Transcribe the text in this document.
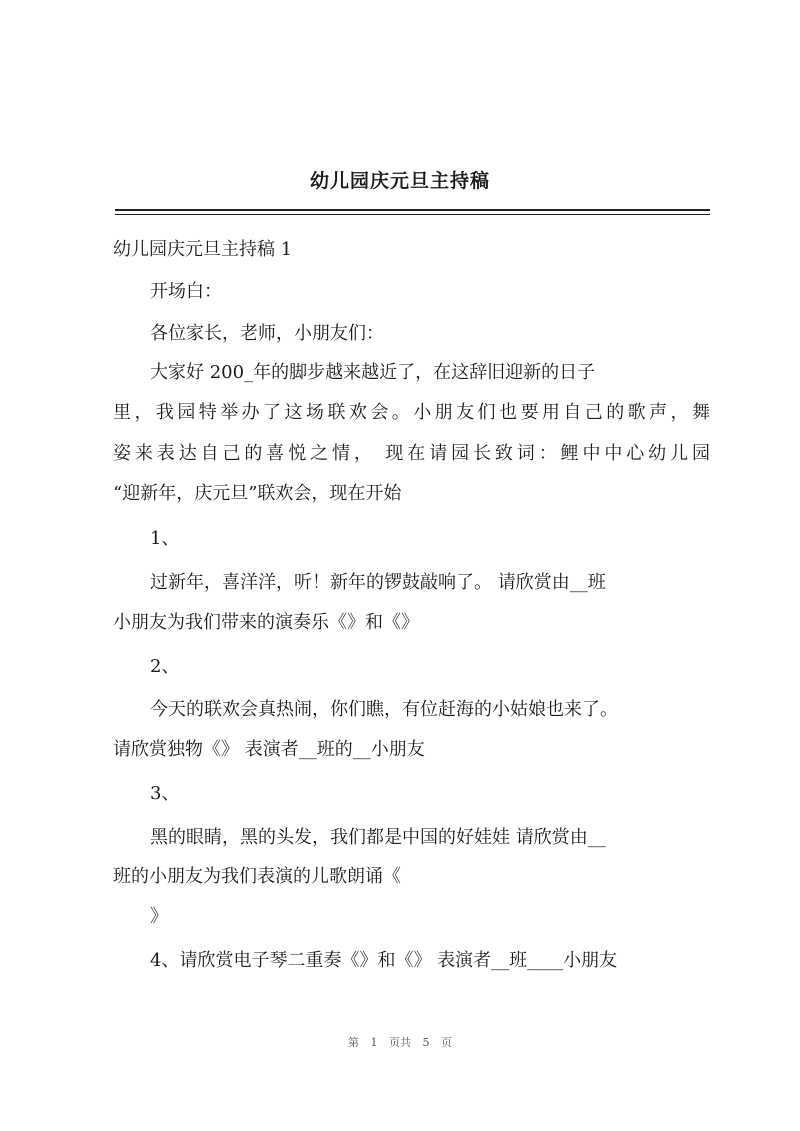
幼儿园庆元旦主持稿
幼儿园庆元旦主持稿 1
开场白：
各位家长，老师，小朋友们：
大家好 200_年的脚步越来越近了，在这辞旧迎新的日子
里，我园特举办了这场联欢会。小朋友们也要用自己的歌声，舞
姿来表达自己的喜悦之情， 现在请园长致词：鲤中中心幼儿园
“迎新年，庆元旦”联欢会，现在开始
1、
过新年，喜洋洋，听！新年的锣鼓敲响了。 请欣赏由__班
小朋友为我们带来的演奏乐《》和《》
2、
今天的联欢会真热闹，你们瞧，有位赶海的小姑娘也来了。
请欣赏独物《》 表演者__班的__小朋友
3、
黑的眼睛，黑的头发，我们都是中国的好娃娃 请欣赏由__
班的小朋友为我们表演的儿歌朗诵《
》
4、请欣赏电子琴二重奏《》和《》 表演者__班____小朋友
第 1 页共 5 页
